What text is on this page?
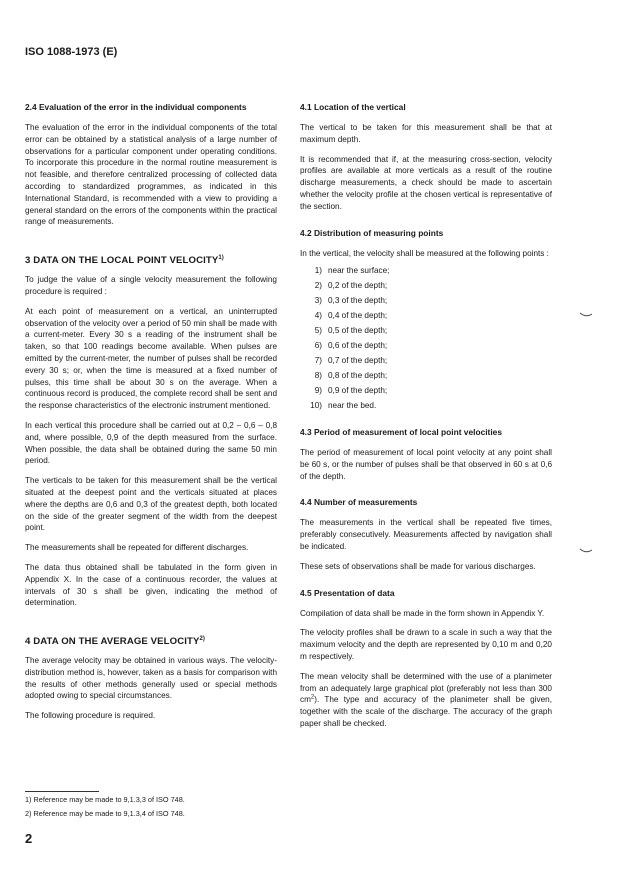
ISO 1088-1973 (E)
2.4 Evaluation of the error in the individual components

The evaluation of the error in the individual components of the total error can be obtained by a statistical analysis of a large number of observations for a particular component under operating conditions. To incorporate this procedure in the normal routine measurement is not feasible, and therefore centralized processing of collected data according to standardized programmes, as indicated in this International Standard, is recommended with a view to providing a general standard on the errors of the components within the practical range of measurements.

3 DATA ON THE LOCAL POINT VELOCITY$^{1)}$

To judge the value of a single velocity measurement the following procedure is required :

At each point of measurement on a vertical, an uninterrupted observation of the velocity over a period of 50 min shall be made with a current-meter. Every 30 s a reading of the instrument shall be taken, so that 100 readings become available. When pulses are emitted by the current-meter, the number of pulses shall be recorded every 30 s; or, when the time is measured at a fixed number of pulses, this time shall be about 30 s on the average. When a continuous record is produced, the complete record shall be sent and the response characteristics of the electronic instrument mentioned.

In each vertical this procedure shall be carried out at 0,2 – 0,6 – 0,8 and, where possible, 0,9 of the depth measured from the surface. When possible, the data shall be obtained during the same 50 min period.

The verticals to be taken for this measurement shall be the vertical situated at the deepest point and the verticals situated at places where the depths are 0,6 and 0,3 of the greatest depth, both located on the side of the greater segment of the width from the deepest point.

The measurements shall be repeated for different discharges.

The data thus obtained shall be tabulated in the form given in Appendix X. In the case of a continuous recorder, the values at intervals of 30 s shall be given, indicating the method of determination.

4 DATA ON THE AVERAGE VELOCITY$^{2)}$

The average velocity may be obtained in various ways. The velocity-distribution method is, however, taken as a basis for comparison with the results of other methods generally used or special methods adopted owing to special circumstances.

The following procedure is required.

4.1 Location of the vertical

The vertical to be taken for this measurement shall be that at maximum depth.

It is recommended that if, at the measuring cross-section, velocity profiles are available at more verticals as a result of the routine discharge measurements, a check should be made to ascertain whether the velocity profile at the chosen vertical is representative of the section.

4.2 Distribution of measuring points

In the vertical, the velocity shall be measured at the following points :

1) near the surface;
2) 0,2 of the depth;
3) 0,3 of the depth;
4) 0,4 of the depth;
5) 0,5 of the depth;
6) 0,6 of the depth;
7) 0,7 of the depth;
8) 0,8 of the depth;
9) 0,9 of the depth;
10) near the bed.
4.3 Period of measurement of local point velocities

The period of measurement of local point velocity at any point shall be 60 s, or the number of pulses shall be that observed in 60 s at 0,6 of the depth.

4.4 Number of measurements

The measurements in the vertical shall be repeated five times, preferably consecutively. Measurements affected by navigation shall be indicated.

These sets of observations shall be made for various discharges.

4.5 Presentation of data

Compilation of data shall be made in the form shown in Appendix Y.

The velocity profiles shall be drawn to a scale in such a way that the maximum velocity and the depth are represented by 0,10 m and 0,20 m respectively.

The mean velocity shall be determined with the use of a planimeter from an adequately large graphical plot (preferably not less than 300 $cm^2$). The type and accuracy of the planimeter shall be given, together with the scale of the discharge. The accuracy of the graph paper shall be checked.

1) Reference may be made to 9,1.3,3 of ISO 748.
2) Reference may be made to 9,1.3,4 of ISO 748.
2
